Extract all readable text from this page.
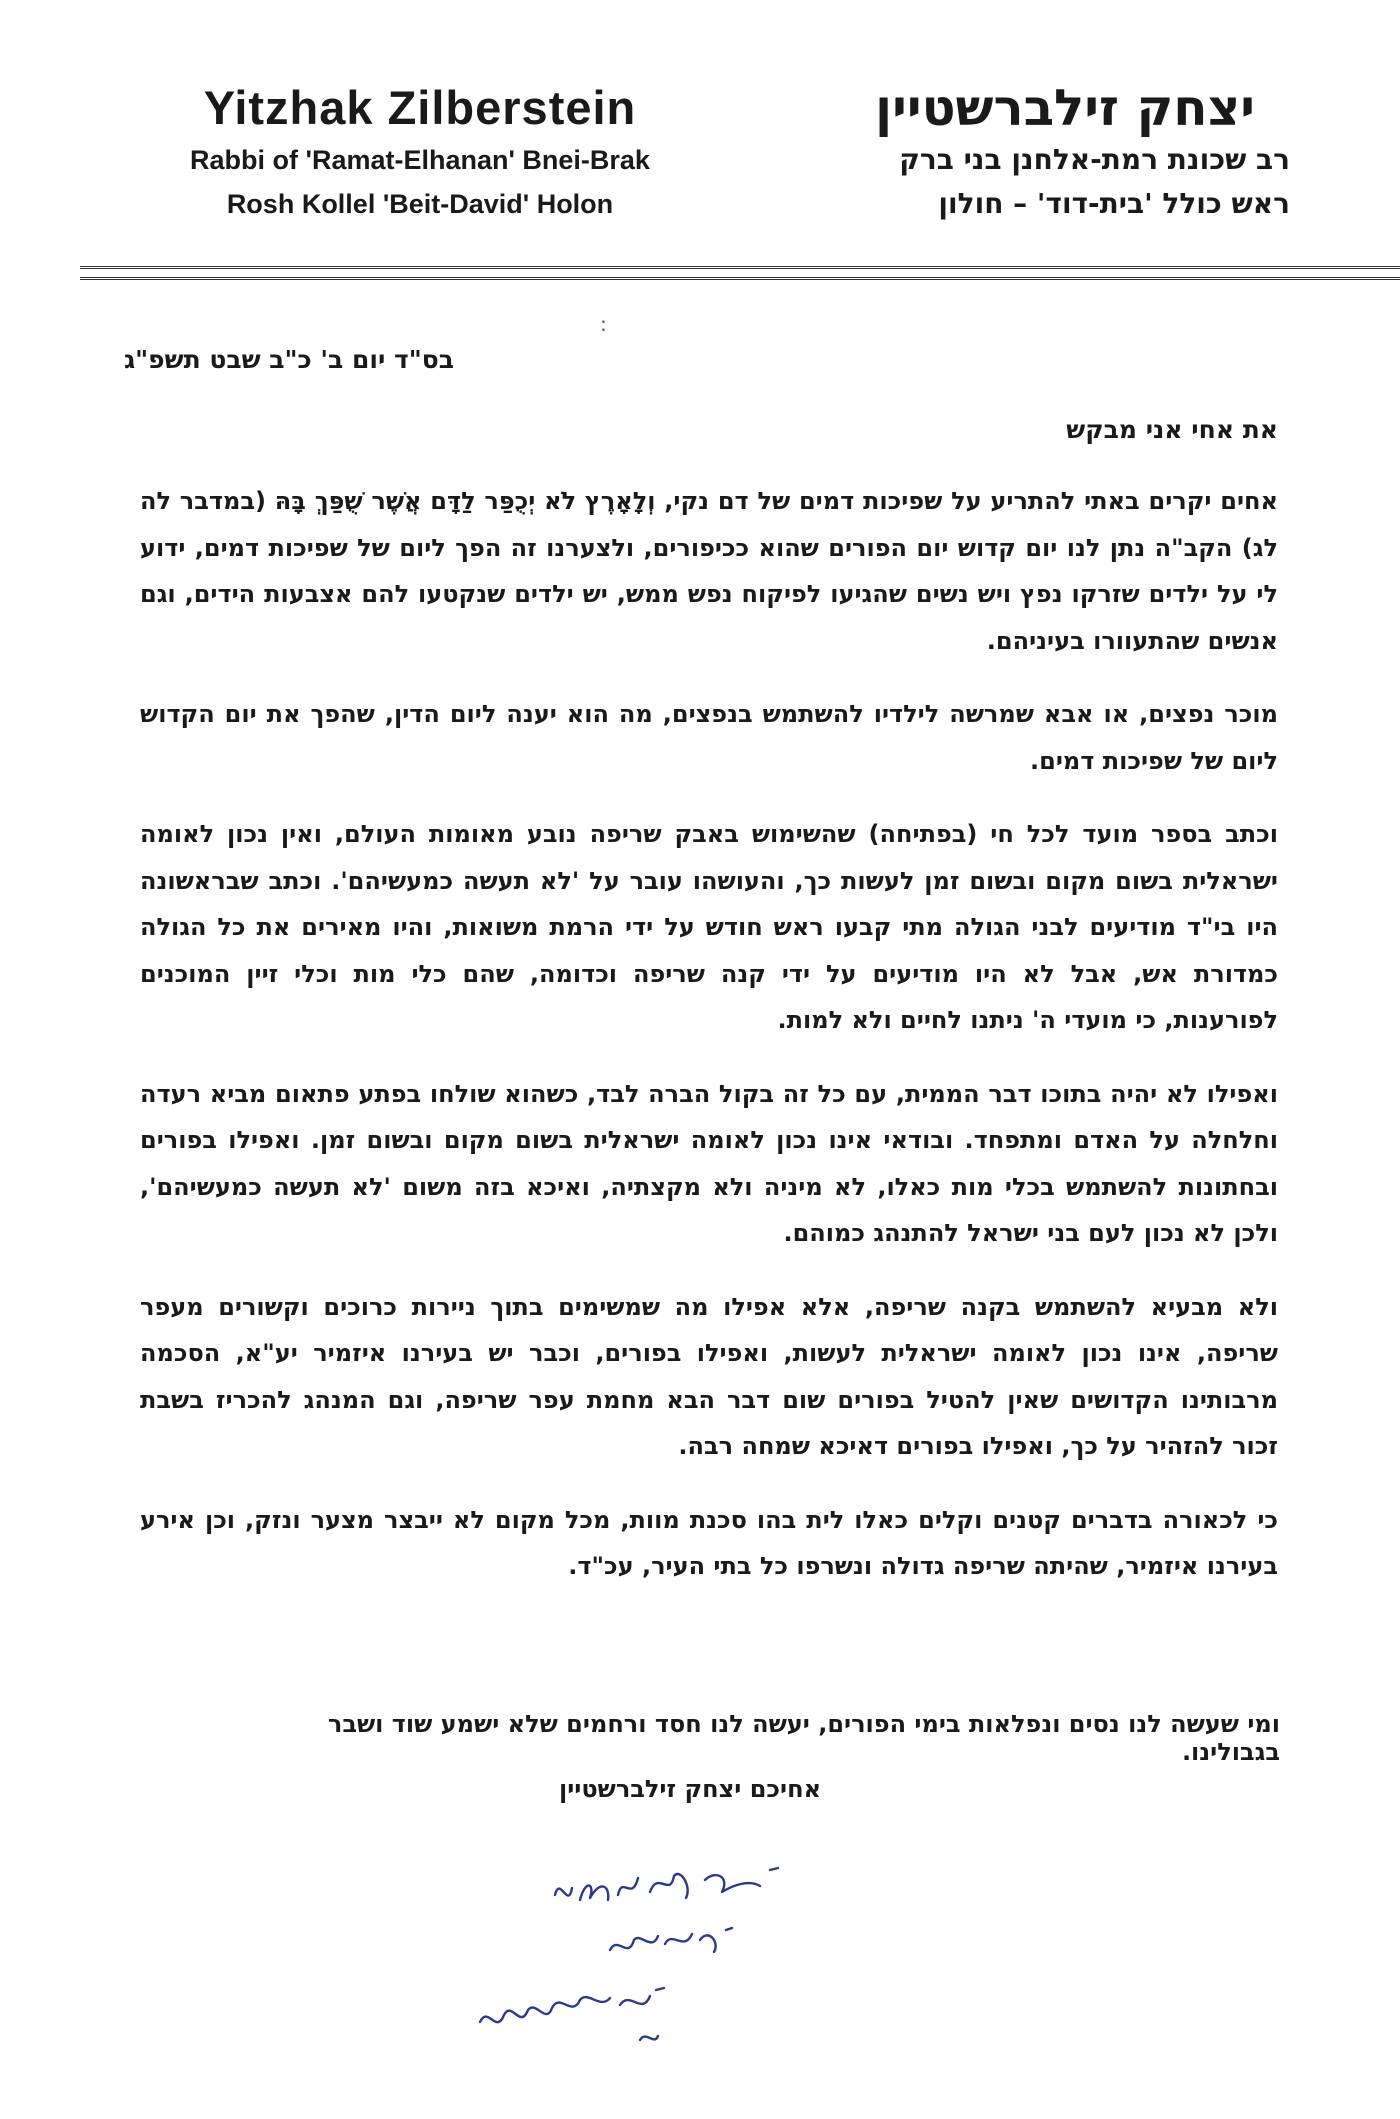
Yitzhak Zilberstein
Rabbi of 'Ramat-Elhanan' Bnei-Brak
Rosh Kollel 'Beit-David' Holon
יצחק זילברשטיין
רב שכונת רמת-אלחנן בני ברק
ראש כולל 'בית-דוד' – חולון
:
בס"ד יום ב' כ"ב שבט תשפ"ג
את אחי אני מבקש

אחים יקרים באתי להתריע על שפיכות דמים של דם נקי, וְלָאָרֶץ לֹא יְכֻפַּר לַדָּם אֲשֶׁר שֻׁפַּךְ בָּהּ (במדבר לה לג) הקב"ה נתן לנו יום קדוש יום הפורים שהוא ככיפורים, ולצערנו זה הפך ליום של שפיכות דמים, ידוע לי על ילדים שזרקו נפץ ויש נשים שהגיעו לפיקוח נפש ממש, יש ילדים שנקטעו להם אצבעות הידים, וגם אנשים שהתעוורו בעיניהם.

מוכר נפצים, או אבא שמרשה לילדיו להשתמש בנפצים, מה הוא יענה ליום הדין, שהפך את יום הקדוש ליום של שפיכות דמים.

וכתב בספר מועד לכל חי (בפתיחה) שהשימוש באבק שריפה נובע מאומות העולם, ואין נכון לאומה ישראלית בשום מקום ובשום זמן לעשות כך, והעושהו עובר על 'לא תעשה כמעשיהם'. וכתב שבראשונה היו בי"ד מודיעים לבני הגולה מתי קבעו ראש חודש על ידי הרמת משואות, והיו מאירים את כל הגולה כמדורת אש, אבל לא היו מודיעים על ידי קנה שריפה וכדומה, שהם כלי מות וכלי זיין המוכנים לפורענות, כי מועדי ה' ניתנו לחיים ולא למות.

ואפילו לא יהיה בתוכו דבר הממית, עם כל זה בקול הברה לבד, כשהוא שולחו בפתע פתאום מביא רעדה וחלחלה על האדם ומתפחד. ובודאי אינו נכון לאומה ישראלית בשום מקום ובשום זמן. ואפילו בפורים ובחתונות להשתמש בכלי מות כאלו, לא מיניה ולא מקצתיה, ואיכא בזה משום 'לא תעשה כמעשיהם', ולכן לא נכון לעם בני ישראל להתנהג כמוהם.

ולא מבעיא להשתמש בקנה שריפה, אלא אפילו מה שמשימים בתוך ניירות כרוכים וקשורים מעפר שריפה, אינו נכון לאומה ישראלית לעשות, ואפילו בפורים, וכבר יש בעירנו איזמיר יע"א, הסכמה מרבותינו הקדושים שאין להטיל בפורים שום דבר הבא מחמת עפר שריפה, וגם המנהג להכריז בשבת זכור להזהיר על כך, ואפילו בפורים דאיכא שמחה רבה.

כי לכאורה בדברים קטנים וקלים כאלו לית בהו סכנת מוות, מכל מקום לא ייבצר מצער ונזק, וכן אירע בעירנו איזמיר, שהיתה שריפה גדולה ונשרפו כל בתי העיר, עכ"ד.

ומי שעשה לנו נסים ונפלאות בימי הפורים, יעשה לנו חסד ורחמים שלא ישמע שוד ושבר בגבולינו.
אחיכם יצחק זילברשטיין
